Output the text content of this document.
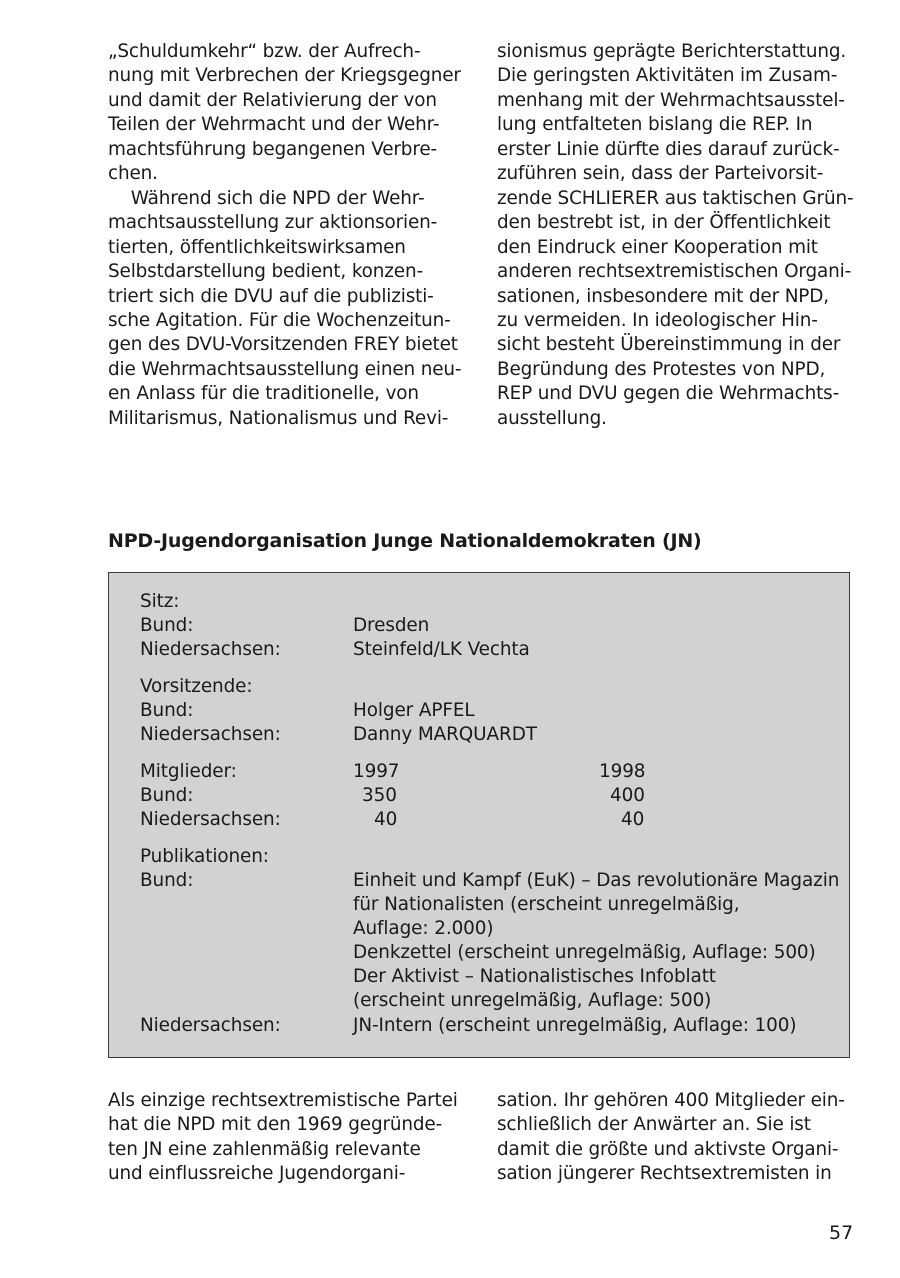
„Schuldumkehr“ bzw. der Aufrech-
nung mit Verbrechen der Kriegsgegner
und damit der Relativierung der von
Teilen der Wehrmacht und der Wehr-
machtsführung begangenen Verbre-
chen.
Während sich die NPD der Wehr-
machtsausstellung zur aktionsorien-
tierten, öffentlichkeitswirksamen
Selbstdarstellung bedient, konzen-
triert sich die DVU auf die publizisti-
sche Agitation. Für die Wochenzeitun-
gen des DVU-Vorsitzenden FREY bietet
die Wehrmachtsausstellung einen neu-
en Anlass für die traditionelle, von
Militarismus, Nationalismus und Revi-
sionismus geprägte Berichterstattung.
Die geringsten Aktivitäten im Zusam-
menhang mit der Wehrmachtsausstel-
lung entfalteten bislang die REP. In
erster Linie dürfte dies darauf zurück-
zuführen sein, dass der Parteivorsit-
zende SCHLIERER aus taktischen Grün-
den bestrebt ist, in der Öffentlichkeit
den Eindruck einer Kooperation mit
anderen rechtsextremistischen Organi-
sationen, insbesondere mit der NPD,
zu vermeiden. In ideologischer Hin-
sicht besteht Übereinstimmung in der
Begründung des Protestes von NPD,
REP und DVU gegen die Wehrmachts-
ausstellung.
NPD-Jugendorganisation Junge Nationaldemokraten (JN)
Sitz:
Bund:	Dresden
Niedersachsen:	Steinfeld/LK Vechta
Vorsitzende:
Bund:	Holger APFEL
Niedersachsen:	Danny MARQUARDT
Mitglieder:	1997	1998
Bund:	350	400
Niedersachsen:	40	40
Publikationen:
Bund:	Einheit und Kampf (EuK) – Das revolutionäre Magazin
für Nationalisten (erscheint unregelmäßig,
Auflage: 2.000)
Denkzettel (erscheint unregelmäßig, Auflage: 500)
Der Aktivist – Nationalistisches Infoblatt
(erscheint unregelmäßig, Auflage: 500)
Niedersachsen:	JN-Intern (erscheint unregelmäßig, Auflage: 100)
Als einzige rechtsextremistische Partei
hat die NPD mit den 1969 gegründe-
ten JN eine zahlenmäßig relevante
und einflussreiche Jugendorgani-
sation. Ihr gehören 400 Mitglieder ein-
schließlich der Anwärter an. Sie ist
damit die größte und aktivste Organi-
sation jüngerer Rechtsextremisten in
57
